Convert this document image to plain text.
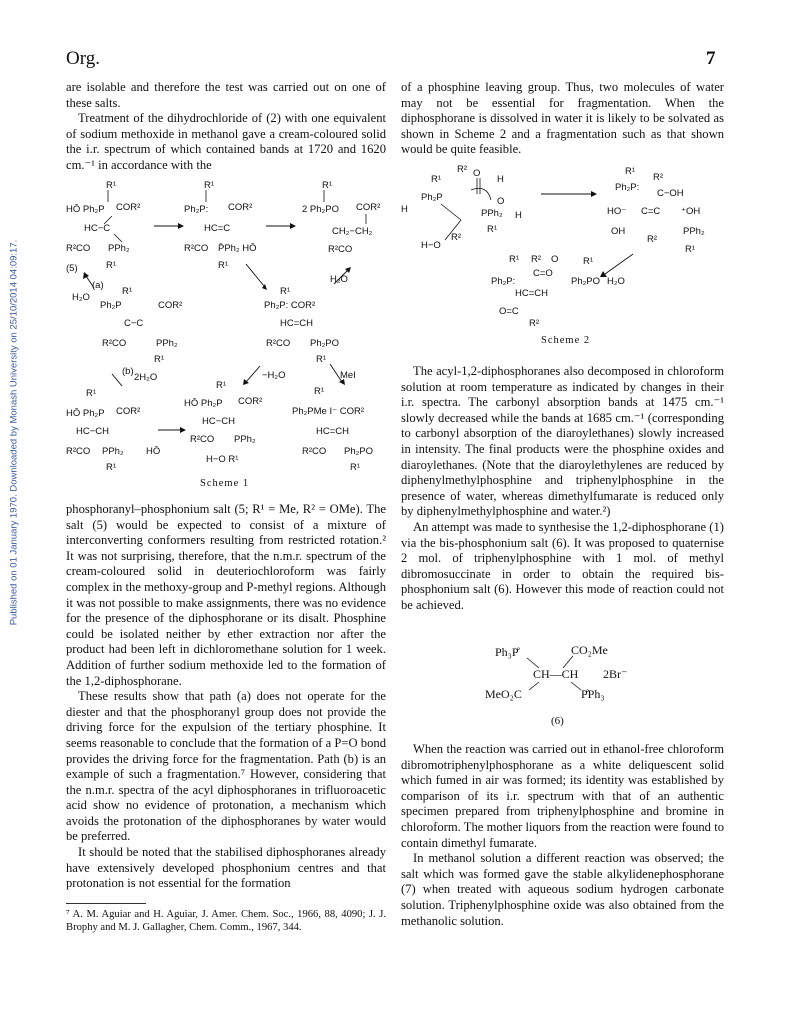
Org.	7
Published on 01 January 1970. Downloaded by Monash University on 25/10/2014 04:09:17.

are isolable and therefore the test was carried out on one of these salts.

Treatment of the dihydrochloride of (2) with one equivalent of sodium methoxide in methanol gave a cream-coloured solid the i.r. spectrum of which contained bands at 1720 and 1620 cm.⁻¹ in accordance with the

R¹
HŌ Ph₂P COR²
HC−C
R²CO PPh₂
R¹
(5)
R¹
Ph₂P: COR²
HC=C
R²CO P̄Ph₂ HŌ
R¹
R¹
2 Ph₂PO COR²
CH₂−CH₂
R²CO
(a)
H₂O
R¹
Ph₂P	COR²
C−C
R²CO	PPh₂
R¹
H₂O
R¹
Ph₂P: COR²
HC=CH
R²CO Ph₂PO
R¹
(b)
2H₂O	−H₂O	MeI
R¹
HŌ Ph₂P COR²
HC−CH
R²CO PPh₂ HŌ
R¹
R¹
HŌ Ph₂P COR²
HC−CH
R²CO PPh₂
H−O R¹
R¹
Ph₂PMe I⁻ COR²
HC=CH
R²CO Ph₂PO
R¹
Scheme 1

phosphoranyl–phosphonium salt (5; R¹ = Me, R² = OMe). The salt (5) would be expected to consist of a mixture of interconverting conformers resulting from restricted rotation.² It was not surprising, therefore, that the n.m.r. spectrum of the cream-coloured solid in deuteriochloroform was fairly complex in the methoxy-group and P-methyl regions. Although it was not possible to make assignments, there was no evidence for the presence of the diphosphorane or its disalt. Phosphine could be isolated neither by ether extraction nor after the product had been left in dichloromethane solution for 1 week. Addition of further sodium methoxide led to the formation of the 1,2-diphosphorane.

These results show that path (a) does not operate for the diester and that the phosphoranyl group does not provide the driving force for the expulsion of the tertiary phosphine. It seems reasonable to conclude that the formation of a P=O bond provides the driving force for the fragmentation. Path (b) is an example of such a fragmentation.⁷ However, considering that the n.m.r. spectra of the acyl diphosphoranes in trifluoroacetic acid show no evidence of protonation, a mechanism which avoids the protonation of the diphosphoranes by water would be preferred.

It should be noted that the stabilised diphosphoranes already have extensively developed phosphonium centres and that protonation is not essential for the formation

⁷ A. M. Aguiar and H. Aguiar, J. Amer. Chem. Soc., 1966, 88, 4090; J. J. Brophy and M. J. Gallagher, Chem. Comm., 1967, 344.

of a phosphine leaving group. Thus, two molecules of water may not be essential for fragmentation. When the diphosphorane is dissolved in water it is likely to be solvated as shown in Scheme 2 and a fragmentation such as that shown would be quite feasible.

R² O
H
R¹
Ph₂P	O
H
H
PPh₂
R¹
R²
H−O
R¹
R²
Ph₂P:
C−OH
HO⁻ C=C ⁺OH
OH	PPh₂
R²
R¹
R¹ R² O	R¹
C=O
Ph₂P:	Ph₂PO H₂O
HC=CH
O=C
R²
Scheme 2

The acyl-1,2-diphosphoranes also decomposed in chloroform solution at room temperature as indicated by changes in their i.r. spectra. The carbonyl absorption bands at 1475 cm.⁻¹ slowly decreased while the bands at 1685 cm.⁻¹ (corresponding to carbonyl absorption of the diaroylethanes) slowly increased in intensity. The final products were the phosphine oxides and diaroylethanes. (Note that the diaroylethylenes are reduced by diphenylmethylphosphine and triphenylphosphine in the presence of water, whereas dimethylfumarate is reduced only by diphenylmethylphosphine and water.²)

An attempt was made to synthesise the 1,2-diphosphorane (1) via the bis-phosphonium salt (6). It was proposed to quaternise 2 mol. of triphenylphosphine with 1 mol. of methyl dibromosuccinate in order to obtain the required bis-phosphonium salt (6). However this mode of reaction could not be achieved.

Ph₃P̊	CO₂Me
CH—CH 2Br⁻
MeO₂C	P̊Ph₃
(6)

When the reaction was carried out in ethanol-free chloroform dibromotriphenylphosphorane as a white deliquescent solid which fumed in air was formed; its identity was established by comparison of its i.r. spectrum with that of an authentic specimen prepared from triphenylphosphine and bromine in chloroform. The mother liquors from the reaction were found to contain dimethyl fumarate.

In methanol solution a different reaction was observed; the salt which was formed gave the stable alkylidenephosphorane (7) when treated with aqueous sodium hydrogen carbonate solution. Triphenylphosphine oxide was also obtained from the methanolic solution.
